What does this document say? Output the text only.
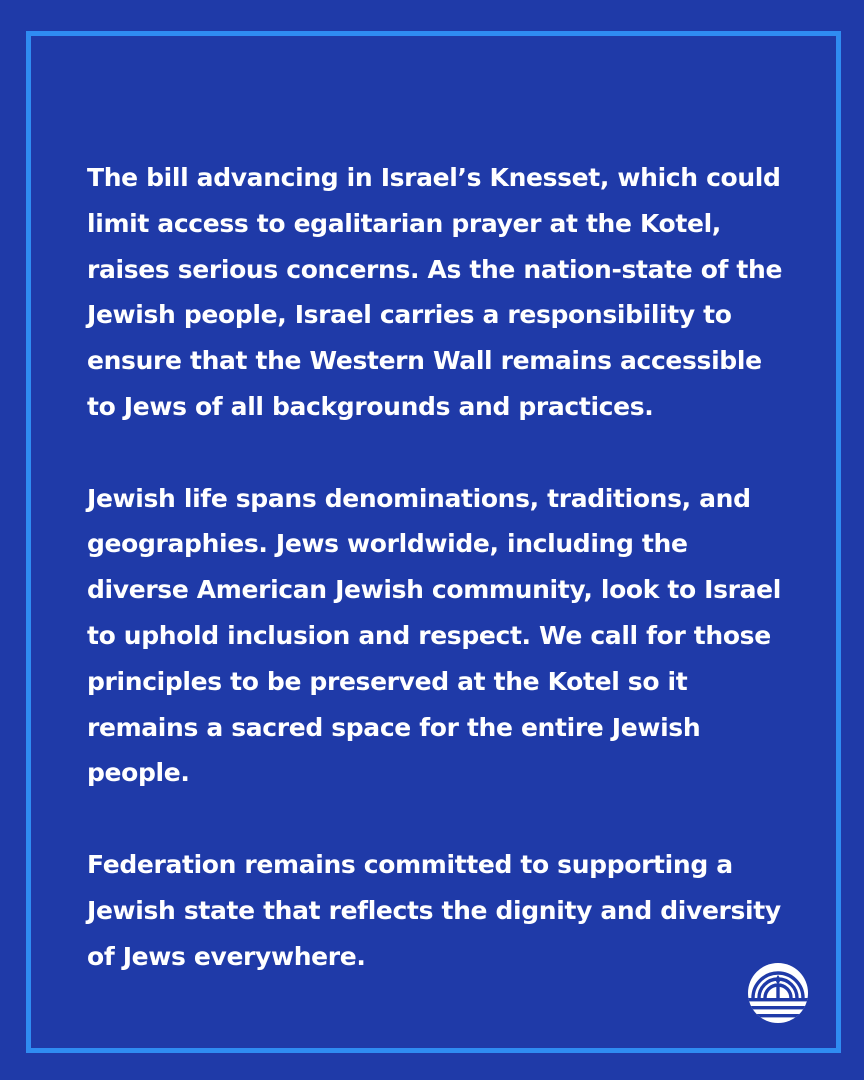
The bill advancing in Israel’s Knesset, which could limit access to egalitarian prayer at the Kotel, raises serious concerns. As the nation-state of the Jewish people, Israel carries a responsibility to ensure that the Western Wall remains accessible to Jews of all backgrounds and practices.

Jewish life spans denominations, traditions, and geographies. Jews worldwide, including the diverse American Jewish community, look to Israel to uphold inclusion and respect. We call for those principles to be preserved at the Kotel so it remains a sacred space for the entire Jewish people.

Federation remains committed to supporting a Jewish state that reflects the dignity and diversity of Jews everywhere.
